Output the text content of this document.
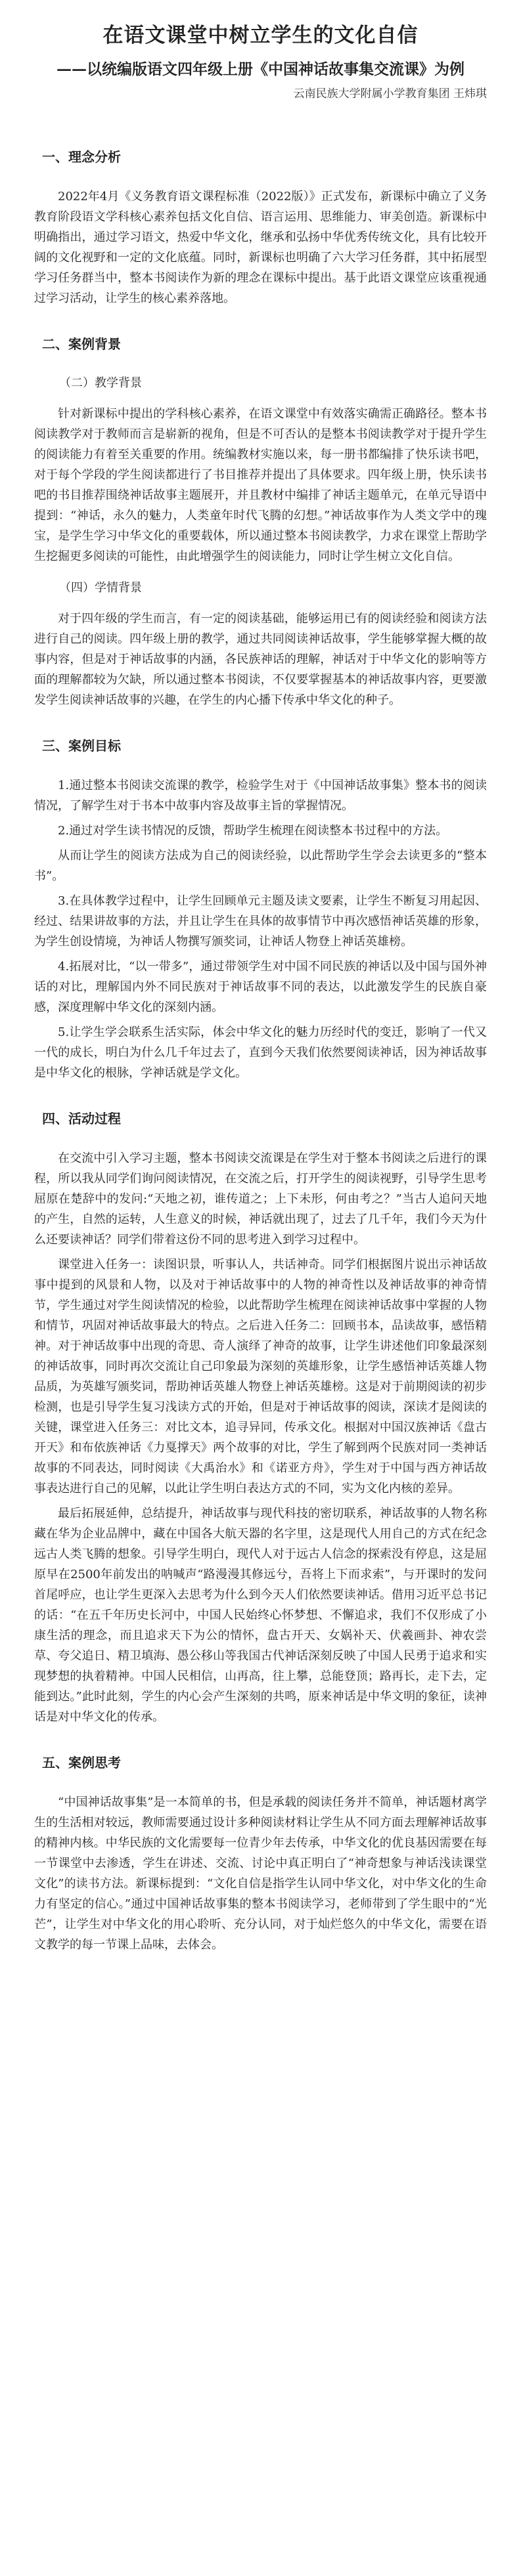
在语文课堂中树立学生的文化自信
——以统编版语文四年级上册《中国神话故事集交流课》为例
云南民族大学附属小学教育集团 王炜琪
一、理念分析
2022年4月《义务教育语文课程标准（2022版）》正式发布，新课标中确立了义务教育阶段语文学科核心素养包括文化自信、语言运用、思维能力、审美创造。新课标中明确指出，通过学习语文，热爱中华文化，继承和弘扬中华优秀传统文化，具有比较开阔的文化视野和一定的文化底蕴。同时，新课标也明确了六大学习任务群，其中拓展型学习任务群当中，整本书阅读作为新的理念在课标中提出。基于此语文课堂应该重视通过学习活动，让学生的核心素养落地。
二、案例背景
（二）教学背景
针对新课标中提出的学科核心素养，在语文课堂中有效落实确需正确路径。整本书阅读教学对于教师而言是崭新的视角，但是不可否认的是整本书阅读教学对于提升学生的阅读能力有着至关重要的作用。统编教材实施以来，每一册书都编排了快乐读书吧，对于每个学段的学生阅读都进行了书目推荐并提出了具体要求。四年级上册，快乐读书吧的书目推荐围绕神话故事主题展开，并且教材中编排了神话主题单元，在单元导语中提到：“神话，永久的魅力，人类童年时代飞腾的幻想。”神话故事作为人类文学中的瑰宝，是学生学习中华文化的重要载体，所以通过整本书阅读教学，力求在课堂上帮助学生挖掘更多阅读的可能性，由此增强学生的阅读能力，同时让学生树立文化自信。
（四）学情背景
对于四年级的学生而言，有一定的阅读基础，能够运用已有的阅读经验和阅读方法进行自己的阅读。四年级上册的教学，通过共同阅读神话故事，学生能够掌握大概的故事内容，但是对于神话故事的内涵，各民族神话的理解，神话对于中华文化的影响等方面的理解都较为欠缺，所以通过整本书阅读，不仅要掌握基本的神话故事内容，更要激发学生阅读神话故事的兴趣，在学生的内心播下传承中华文化的种子。
三、案例目标
1.通过整本书阅读交流课的教学，检验学生对于《中国神话故事集》整本书的阅读情况，了解学生对于书本中故事内容及故事主旨的掌握情况。
2.通过对学生读书情况的反馈，帮助学生梳理在阅读整本书过程中的方法。
从而让学生的阅读方法成为自己的阅读经验，以此帮助学生学会去读更多的“整本书”。
3.在具体教学过程中，让学生回顾单元主题及读文要素，让学生不断复习用起因、经过、结果讲故事的方法，并且让学生在具体的故事情节中再次感悟神话英雄的形象，为学生创设情境，为神话人物撰写颁奖词，让神话人物登上神话英雄榜。
4.拓展对比，“以一带多”，通过带领学生对中国不同民族的神话以及中国与国外神话的对比，理解国内外不同民族对于神话故事不同的表达，以此激发学生的民族自豪感，深度理解中华文化的深刻内涵。
5.让学生学会联系生活实际，体会中华文化的魅力历经时代的变迁，影响了一代又一代的成长，明白为什么几千年过去了，直到今天我们依然要阅读神话，因为神话故事是中华文化的根脉，学神话就是学文化。
四、活动过程
在交流中引入学习主题，整本书阅读交流课是在学生对于整本书阅读之后进行的课程，所以我从同学们询问阅读情况，在交流之后，打开学生的阅读视野，引导学生思考屈原在楚辞中的发问:“天地之初，谁传道之；上下未形，何由考之？”当古人追问天地的产生，自然的运转，人生意义的时候，神话就出现了，过去了几千年，我们今天为什么还要读神话？同学们带着这份不同的思考进入到学习过程中。
课堂进入任务一：读图识景，听事认人，共话神奇。同学们根据图片说出示神话故事中提到的风景和人物，以及对于神话故事中的人物的神奇性以及神话故事的神奇情节，学生通过对学生阅读情况的检验，以此帮助学生梳理在阅读神话故事中掌握的人物和情节，巩固对神话故事最大的特点。之后进入任务二：回顾书本，品读故事，感悟精神。对于神话故事中出现的奇思、奇人演绎了神奇的故事，让学生讲述他们印象最深刻的神话故事，同时再次交流让自己印象最为深刻的英雄形象，让学生感悟神话英雄人物品质，为英雄写颁奖词，帮助神话英雄人物登上神话英雄榜。这是对于前期阅读的初步检测，也是引导学生复习浅读方式的开始，但是对于神话故事的阅读，深读才是阅读的关键，课堂进入任务三：对比文本，追寻异同，传承文化。根据对中国汉族神话《盘古开天》和布依族神话《力戛撑天》两个故事的对比，学生了解到两个民族对同一类神话故事的不同表达，同时阅读《大禹治水》和《诺亚方舟》，学生对于中国与西方神话故事表达进行自己的见解，以此让学生明白表达方式的不同，实为文化内核的差异。
最后拓展延伸，总结提升，神话故事与现代科技的密切联系，神话故事的人物名称藏在华为企业品牌中，藏在中国各大航天器的名字里，这是现代人用自己的方式在纪念远古人类飞腾的想象。引导学生明白，现代人对于远古人信念的探索没有停息，这是屈原早在2500年前发出的呐喊声“路漫漫其修远兮，吾将上下而求索”，与开课时的发问首尾呼应，也让学生更深入去思考为什么到今天人们依然要读神话。借用习近平总书记的话：“在五千年历史长河中，中国人民始终心怀梦想、不懈追求，我们不仅形成了小康生活的理念，而且追求天下为公的情怀，盘古开天、女娲补天、伏羲画卦、神农尝草、夸父追日、精卫填海、愚公移山等我国古代神话深刻反映了中国人民勇于追求和实现梦想的执着精神。中国人民相信，山再高，往上攀，总能登顶；路再长，走下去，定能到达。”此时此刻，学生的内心会产生深刻的共鸣，原来神话是中华文明的象征，读神话是对中华文化的传承。
五、案例思考
“中国神话故事集”是一本简单的书，但是承载的阅读任务并不简单，神话题材离学生的生活相对较远，教师需要通过设计多种阅读材料让学生从不同方面去理解神话故事的精神内核。中华民族的文化需要每一位青少年去传承，中华文化的优良基因需要在每一节课堂中去渗透，学生在讲述、交流、讨论中真正明白了“神奇想象与神话浅读课堂文化”的读书方法。新课标提到：“文化自信是指学生认同中华文化，对中华文化的生命力有坚定的信心。”通过中国神话故事集的整本书阅读学习，老师带到了学生眼中的“光芒”，让学生对中华文化的用心聆听、充分认同，对于灿烂悠久的中华文化，需要在语文教学的每一节课上品味，去体会。
